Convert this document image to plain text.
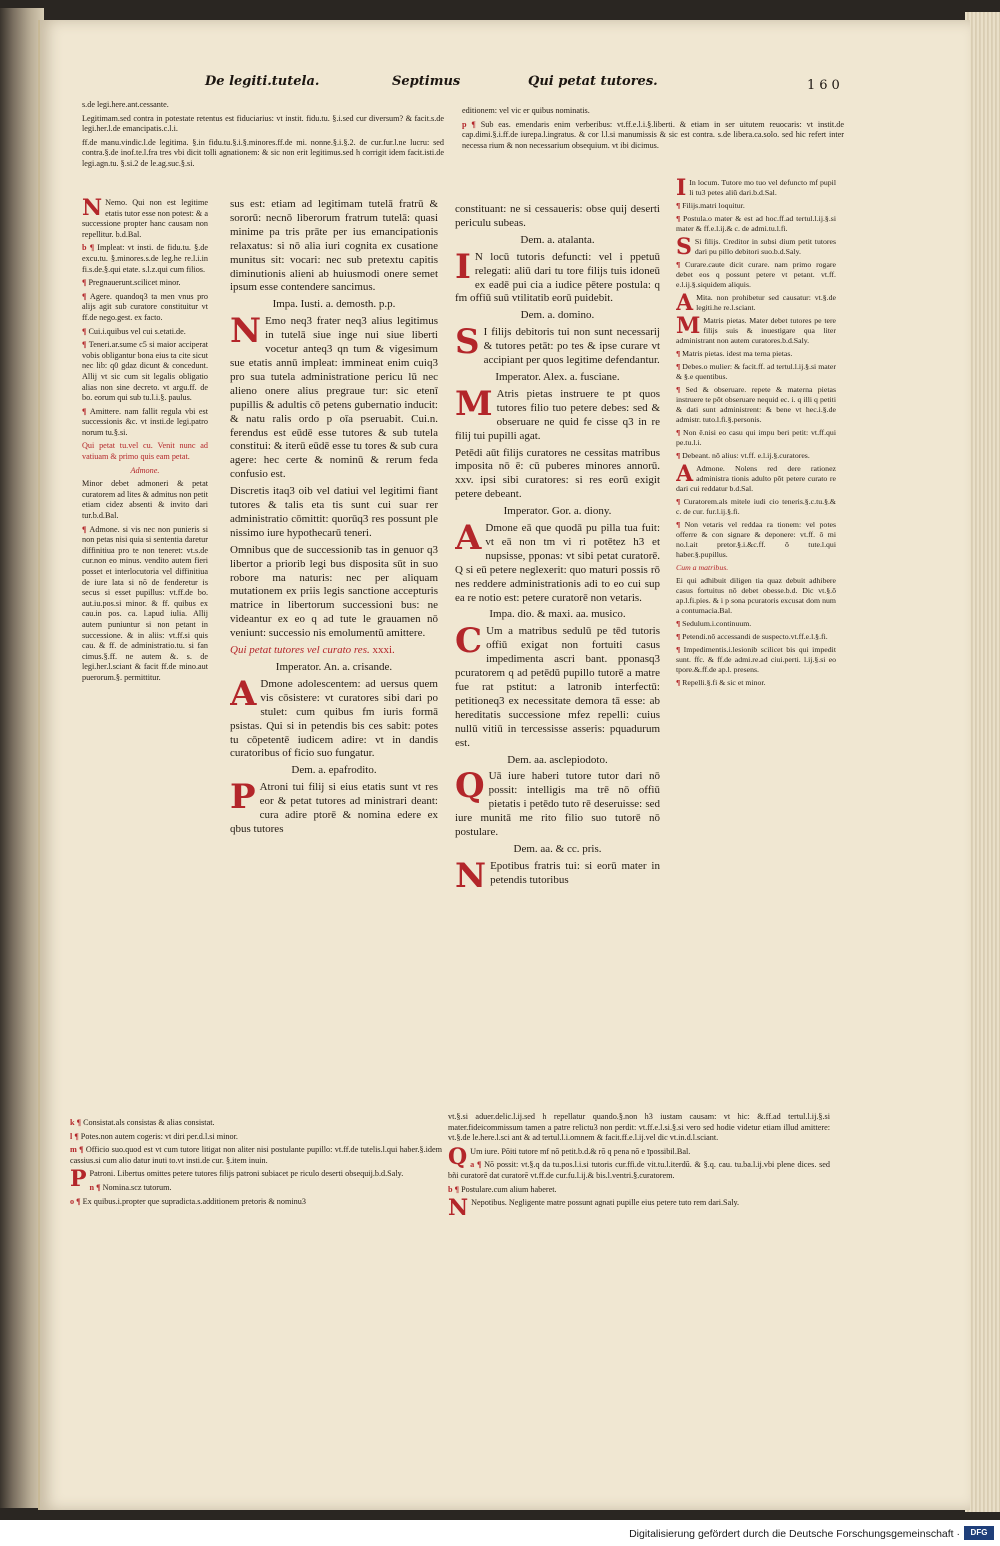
De legiti.tutela.	Septimus	Qui petat tutores.	160

s.de legi.here.ant.cessante.

Legitimam.sed contra in potestate retentus est fiduciarius: vt instit. fidu.tu. §.i.sed cur diversum? & facit.s.de legi.her.l.de emancipatis.c.l.i.

ff.de manu.vindic.l.de legitima. §.in fidu.tu.§.i.§.minores.ff.de mi. nonne.§.i.§.2. de cur.fur.l.ne lucru: sed contra.§.de inof.te.l.fra tres vbi dicit tolli agnationem: & sic non erit legitimus.sed h corrigit idem facit.isti.de legi.agn.tu. §.si.2 de le.ag.suc.§.si.

N Nemo. Qui non est legitime etatis tutor esse non potest: & a successione propter hanc causam non repellitur. b.d.Bal.

b ¶ Impleat: vt insti. de fidu.tu. §.de excu.tu. §.minores.s.de leg.he re.l.i.in fi.s.de.§.qui etate. s.l.z.qui cum filios.

¶ Pregnauerunt.scilicet minor.

¶ Agere. quandoq3 ta men vnus pro alijs agit sub curatore constituitur vt ff.de nego.gest. ex facto.

¶ Cui.i.quibus vel cui s.etati.de.

¶ Teneri.ar.sume c5 si maior acciperat vobis obligantur bona eius ta cite sicut nec lib: q0 gdaz dicunt & concedunt. Allij vt sic cum sit legalis obligatio alias non sine decreto. vt argu.ff. de bo. eorum qui sub tu.l.i.§. paulus.

¶ Amittere. nam fallit regula vbi est successionis &c. vt insti.de legi.patro norum tu.§.si.

Qui petat tu.vel cu. Venit nunc ad vatiuam & primo quis eam petat.

Admone.

Minor debet admoneri & petat curatorem ad lites & admitus non petit etiam cidez absenti & invito dari tur.b.d.Bal.

¶ Admone. si vis nec non punieris si non petas nisi quia si sententia daretur diffinitiua pro te non teneret: vt.s.de cur.non eo minus. vendito autem fieri posset et interlocutoria vel diffinitiua de iure lata si nō de fenderetur is secus si esset pupillus: vt.ff.de bo. aut.iu.pos.si minor. & ff. quibus ex cau.in pos. ca. l.apud iulia. Allij autem puniuntur si non petant in successione. & in aliis: vt.ff.si quis cau. & ff. de administratio.tu. si fan cimus.§.ff. ne autem &. s. de legi.her.l.sciant & facit ff.de mino.aut puerorum.§. permittitur.

sus est: etiam ad legitimam tutelā fratrū & sororū: necnō liberorum fratrum tutelā: quasi minime pa tris prāte per ius emancipationis relaxatus: si nō alia iuri cognita ex cusatione munitus sit: vocari: nec sub pretextu capitis diminutionis alieni ab huiusmodi onere semet ipsum esse contendere sancimus.

Impa. Iusti. a. demosth. p.p.

N Emo neq3 frater neq3 alius legitimus in tutelā siue inge nui siue liberti vocetur anteq3 qn tum & vigesimum sue etatis annū impleat: immineat enim cuiq3 pro sua tutela administratione pericu lū nec alieno onere alius pregraue tur: sic etenī pupillis & adultis cō petens gubernatio inducit: & natu ralis ordo p oīa pseruabit. Cui.n. ferendus est eūdē esse tutores & sub tutela constitui: & iterū eūdē esse tu tores & sub cura agere: hec certe & nominū & rerum feda confusio est.

Discretis itaq3 oib vel datiui vel legitimi fiant tutores & talis eta tis sunt cui suar rer administratio cōmittit: quorūq3 res possunt ple nissimo iure hypothecarū teneri.

Omnibus que de successionib tas in genuor q3 libertor a priorib legi bus disposita sūt in suo robore ma naturis: nec per aliquam mutationem ex priis legis sanctione accepturis matrice in libertorum successioni bus: ne videantur ex eo q ad tute le grauamen nō veniunt: successio nis emolumentū amittere.

Qui petat tutores vel curato res. xxxi.

Imperator. An. a. crisande.

A Dmone adolescentem: ad uersus quem vis cōsistere: vt curatores sibi dari po stulet: cum quibus fm iuris formā psistas. Qui si in petendis bis ces sabit: potes tu cōpetentē iudicem adire: vt in dandis curatoribus of ficio suo fungatur.

Dem. a. epafrodito.

P Atroni tui filij si eius etatis sunt vt res eor & petat tutores ad ministrari deant: cura adire ptorē & nomina edere ex qbus tutores

constituant: ne si cessaueris: obse quij deserti periculu subeas.

Dem. a. atalanta.

I N locū tutoris defuncti: vel i ppetuū relegati: aliū dari tu tore filijs tuis idoneū ex eadē pui cia a iudice pētere postula: q fm offiū suū vtilitatib eorū puidebit.

Dem. a. domino.

S I filijs debitoris tui non sunt necessarij & tutores petāt: po tes & ipse curare vt accipiant per quos legitime defendantur.

Imperator. Alex. a. fusciane.

M Atris pietas instruere te pt quos tutores filio tuo petere debes: sed & obseruare ne quid fe cisse q3 in re filij tui pupilli agat.

Petēdi aūt filijs curatores ne cessitas matribus imposita nō ē: cū puberes minores annorū. xxv. ipsi sibi curatores: si res eorū exigit petere debeant.

Imperator. Gor. a. diony.

A Dmone eā que quodā pu pilla tua fuit: vt eā non tm vi ri potētez h3 et nupsisse, pponas: vt sibi petat curatorē. Q si eū petere neglexerit: quo maturi possis rō nes reddere administrationis adi to eo cui sup ea re notio est: petere curatorē non vetaris.

Impa. dio. & maxi. aa. musico.

C Um a matribus sedulū pe tēd tutoris offiū exigat non fortuiti casus impedimenta ascri bant. pponasq3 pcuratorem q ad petēdū pupillo tutorē a matre fue rat pstitut: a latronib interfectū: petitioneq3 ex necessitate demora tā esse: ab hereditatis successione mfez repelli: cuius nullū vitiū in tercessisse asseris: pquadurum est.

Dem. aa. asclepiodoto.

Q Uā iure haberi tutore tutor dari nō possit: intelligis ma trē nō offiū pietatis i petēdo tuto rē deseruisse: sed iure munitā me rito filio suo tutorē nō postulare.

Dem. aa. & cc. pris.

N Epotibus fratris tui: si eorū mater in petendis tutoribus

editionem: vel vic er quibus nominatis.

p ¶ Sub eas. emendaris enim verberibus: vt.ff.e.l.i.§.liberti. & etiam in ser uitutem reuocaris: vt instit.de cap.dimi.§.i.ff.de iurepa.l.ingratus. & cor l.l.si manumissis & sic est contra. s.de libera.ca.solo. sed hic refert inter necessa rium & non necessarium obsequium. vt ibi dicimus.

I In locum. Tutore mo tuo vel defuncto mf pupil li tu3 petes aliū dari.b.d.Sal.

¶ Filijs.matri loquitur.

¶ Postula.o mater & est ad hoc.ff.ad tertul.l.ij.§.si mater & ff.e.l.ij.& c. de admi.tu.l.fi.

S Si filijs. Creditor in subsi dium petit tutores dari pu pillo debitori suo.b.d.Saly.

¶ Curare.caute dicit curare. nam primo rogare debet eos q possunt petere vt petant. vt.ff. e.l.ij.§.siquidem aliquis.

A Mita. non prohibetur sed causatur: vt.§.de legiti.he re.l.sciant.

M Matris pietas. Mater debet tutores pe tere filijs suis & inuestigare qua liter administrant non autem curatores.b.d.Saly.

¶ Matris pietas. idest ma terna pietas.

¶ Debes.o mulier: & facit.ff. ad tertul.l.ij.§.si mater & §.e quentibus.

¶ Sed & obseruare. repete & materna pietas instruere te pōt obseruare nequid ec. i. q illi q petiti & dati sunt administrent: & bene vt hec.i.§.de admistr. tuto.l.fi.§.personis.

¶ Non ē.nisi eo casu qui impu beri petit: vt.ff.qui pe.tu.l.i.

¶ Debeant. nō alius: vt.ff. e.l.ij.§.curatores.

A Admone. Nolens red dere rationez administra tionis adulto pōt petere curato re dari cui reddatur b.d.Sal.

¶ Curatorem.als mitele iudi cio teneris.§.c.tu.§.& c. de cur. fur.l.ij.§.fi.

¶ Non vetaris vel reddaa ra tionem: vel potes offerre & con signare & deponere: vt.ff. ō mi no.l.ait pretor.§.i.&c.ff. ō tute.l.qui haber.§.pupillus.

Cum a matribus.

Ei qui adhibuit diligen tia quaz debuit adhibere casus fortuitus nō debet obesse.b.d. Dic vt.§.ō ap.l.fi.pies. & i p sona pcuratoris excusat dom num a contumacia.Bal.

¶ Sedulum.i.continuum.

¶ Petendi.nō accessandi de suspecto.vt.ff.e.l.§.fi.

¶ Impedimentis.i.lesionib scilicet bis qui impedit sunt. ffc. & ff.de admi.re.ad ciui.perti. l.ij.§.si eo tpore.&.ff.de ap.l. presens.

¶ Repelli.§.fi & sic et minor.

k ¶ Consistat.als consistas & alias consistat.

l ¶ Potes.non autem cogeris: vt diri per.d.l.si minor.

m ¶ Officio suo.quod est vt cum tutore litigat non aliter nisi postulante pupillo: vt.ff.de tutelis.l.qui haber.§.idem cassius.si cum alio datur inuti to.vt insti.de cur. §.item inuin.

P Patroni. Libertus omittes petere tutores filijs patroni subiacet pe riculo deserti obsequij.b.d.Saly.

n ¶ Nomina.scz tutorum.

o ¶ Ex quibus.i.propter que supradicta.s.additionem pretoris & nominu3

vt.§.si aduer.delic.l.ij.sed h repellatur quando.§.non h3 iustam causam: vt hic: &.ff.ad tertul.l.ij.§.si mater.fideicommissum tamen a patre relictu3 non perdit: vt.ff.e.l.si.§.si vero sed hodie videtur etiam illud amittere: vt.§.de le.here.l.sci ant & ad tertul.l.i.omnem & facit.ff.e.l.ij.vel dic vt.in.d.l.sciant.

Q Um iure. Pōiti tutore mf nō petit.b.d.& rō q pena nō e īpossibil.Bal.

a ¶ Nō possit: vt.§.q da tu.pos.l.i.si tutoris cur.ffi.de vit.tu.l.iterdū. & §.q. cau. tu.ba.l.ij.vbi plene dices. sed bñi curatorē dat curatorē vt.ff.de cur.fu.l.ij.& bis.l.ventri.§.curatorem.

b ¶ Postulare.cum alium haberet.

N Nepotibus. Negligente matre possunt agnati pupille eius petere tuto rem dari.Saly.

Digitalisierung gefördert durch die Deutsche Forschungsgemeinschaft ·	DFG
